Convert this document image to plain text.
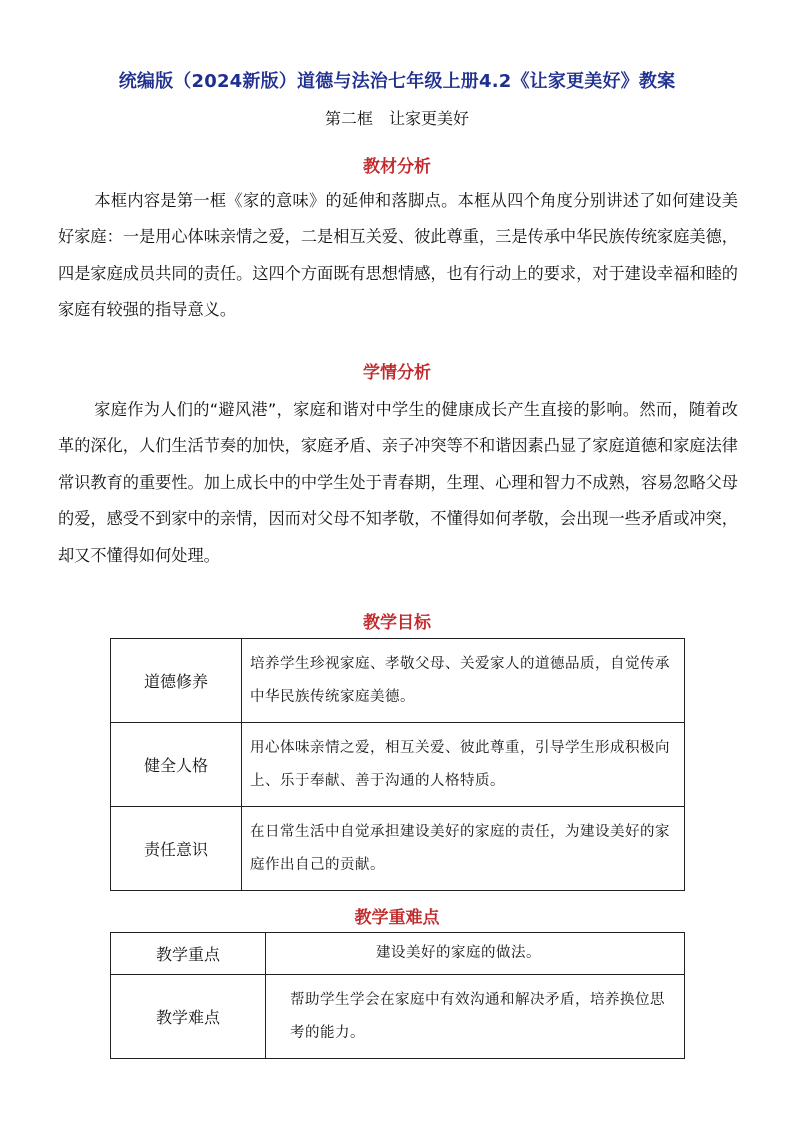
统编版（2024新版）道德与法治七年级上册4.2《让家更美好》教案
第二框　让家更美好
教材分析
本框内容是第一框《家的意味》的延伸和落脚点。本框从四个角度分别讲述了如何建设美好家庭：一是用心体味亲情之爱，二是相互关爱、彼此尊重，三是传承中华民族传统家庭美德，四是家庭成员共同的责任。这四个方面既有思想情感，也有行动上的要求，对于建设幸福和睦的家庭有较强的指导意义。
学情分析
家庭作为人们的“避风港”，家庭和谐对中学生的健康成长产生直接的影响。然而，随着改革的深化，人们生活节奏的加快，家庭矛盾、亲子冲突等不和谐因素凸显了家庭道德和家庭法律常识教育的重要性。加上成长中的中学生处于青春期，生理、心理和智力不成熟，容易忽略父母的爱，感受不到家中的亲情，因而对父母不知孝敬，不懂得如何孝敬，会出现一些矛盾或冲突，却又不懂得如何处理。
教学目标
道德修养	培养学生珍视家庭、孝敬父母、关爱家人的道德品质，自觉传承中华民族传统家庭美德。
健全人格	用心体味亲情之爱，相互关爱、彼此尊重，引导学生形成积极向上、乐于奉献、善于沟通的人格特质。
责任意识	在日常生活中自觉承担建设美好的家庭的责任，为建设美好的家庭作出自己的贡献。
教学重难点
教学重点	建设美好的家庭的做法。
教学难点	帮助学生学会在家庭中有效沟通和解决矛盾，培养换位思考的能力。
